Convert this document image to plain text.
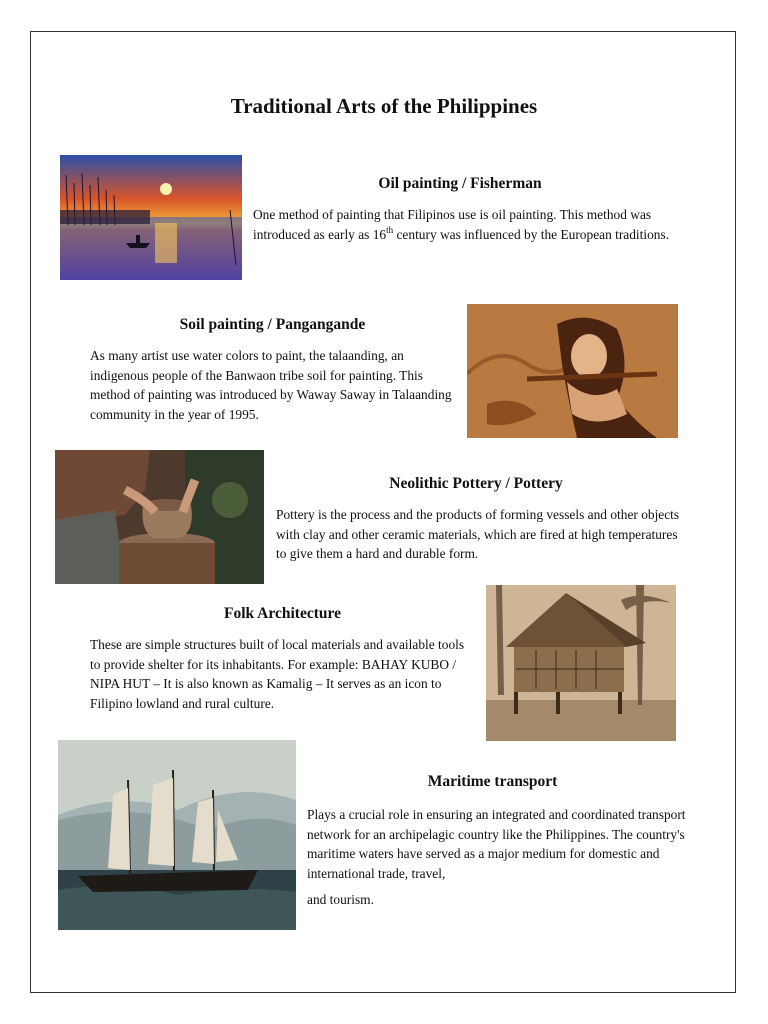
Traditional Arts of the Philippines
Oil painting / Fisherman
One method of painting that Filipinos use is oil painting. This method was introduced as early as 16th century was influenced by the European traditions.
Soil painting / Pangangande
As many artist use water colors to paint, the talaanding, an indigenous people of the Banwaon tribe soil for painting. This method of painting was introduced by Waway Saway in Talaanding community in the year of 1995.
Neolithic Pottery / Pottery
Pottery is the process and the products of forming vessels and other objects with clay and other ceramic materials, which are fired at high temperatures to give them a hard and durable form.
Folk Architecture
These are simple structures built of local materials and available tools to provide shelter for its inhabitants. For example: BAHAY KUBO / NIPA HUT – It is also known as Kamalig – It serves as an icon to Filipino lowland and rural culture.
Maritime transport
Plays a crucial role in ensuring an integrated and coordinated transport network for an archipelagic country like the Philippines. The country's maritime waters have served as a major medium for domestic and international trade, travel,
and tourism.
